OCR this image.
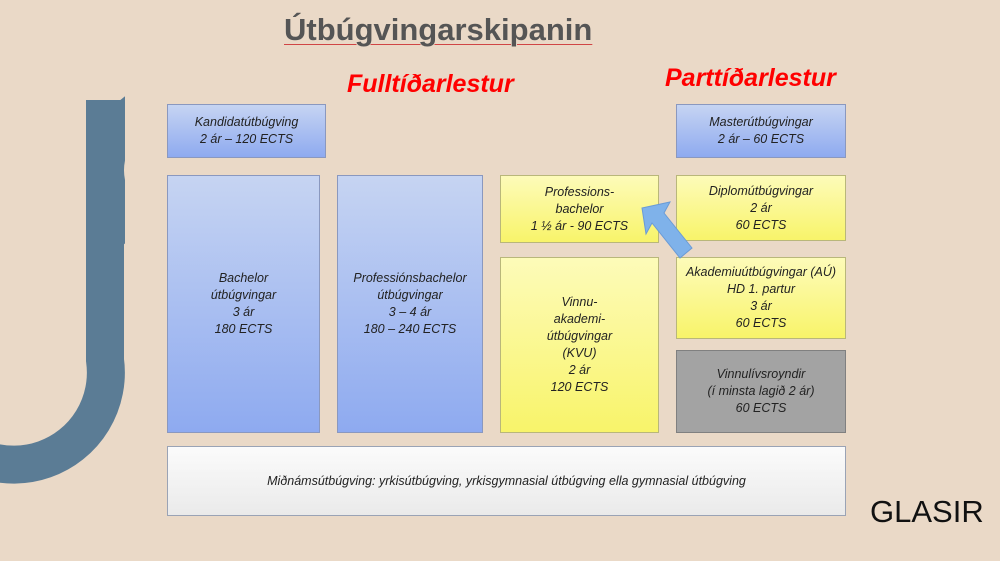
Útbúgvingarskipanin
Fulltíðarlestur	Parttíðarlestur
Kandidatútbúgving
2 ár – 120 ECTS
Masterútbúgvingar
2 ár – 60 ECTS
Bachelor
útbúgvingar
3 ár
180 ECTS
Professiónsbachelor
útbúgvingar
3 – 4 ár
180 – 240 ECTS
Professions-
bachelor
1 ½ ár - 90 ECTS
Vinnu-
akademi-
útbúgvingar
(KVU)
2 ár
120 ECTS
Diplomútbúgvingar
2 ár
60 ECTS
Akademiuútbúgvingar (AÚ)
HD 1. partur
3 ár
60 ECTS
Vinnulívsroyndir
(í minsta lagið 2 ár)
60 ECTS
Miðnámsútbúgving: yrkisútbúgving, yrkisgymnasial útbúgving ella gymnasial útbúgving
GLASIR
